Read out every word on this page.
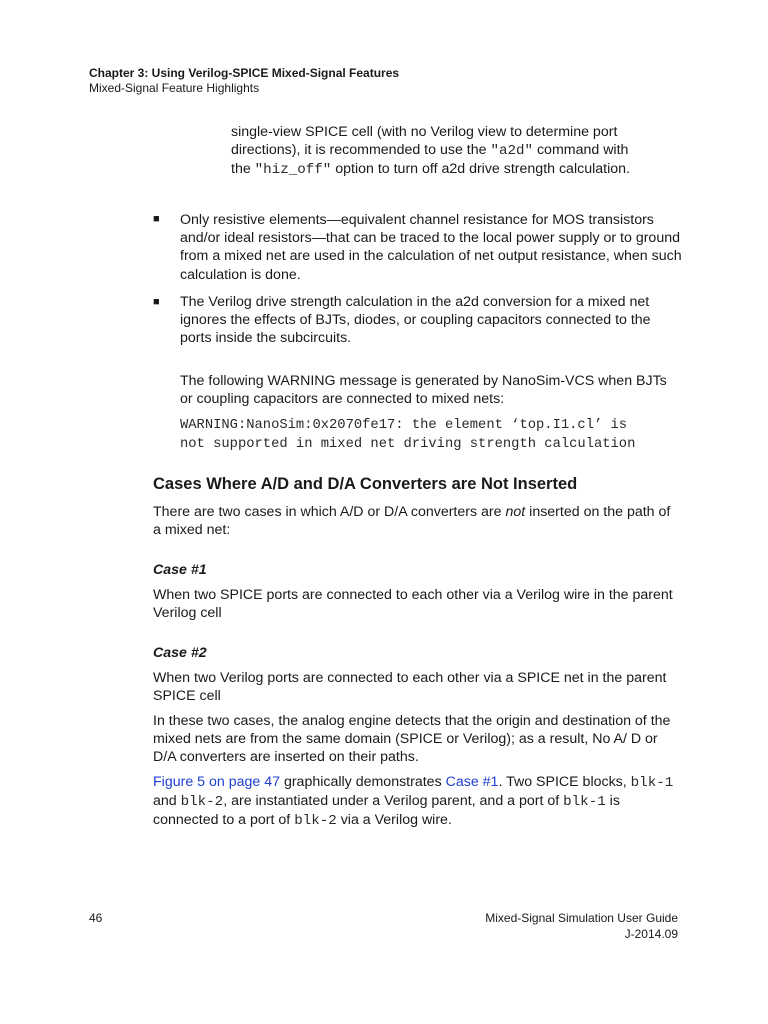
Chapter 3: Using Verilog-SPICE Mixed-Signal Features
Mixed-Signal Feature Highlights

single-view SPICE cell (with no Verilog view to determine port directions), it is recommended to use the "a2d" command with the "hiz_off" option to turn off a2d drive strength calculation.

■ Only resistive elements—equivalent channel resistance for MOS transistors and/or ideal resistors—that can be traced to the local power supply or to ground from a mixed net are used in the calculation of net output resistance, when such calculation is done.

■ The Verilog drive strength calculation in the a2d conversion for a mixed net ignores the effects of BJTs, diodes, or coupling capacitors connected to the ports inside the subcircuits.

The following WARNING message is generated by NanoSim-VCS when BJTs or coupling capacitors are connected to mixed nets:

WARNING:NanoSim:0x2070fe17: the element ‘top.I1.cl’ is
not supported in mixed net driving strength calculation
Cases Where A/D and D/A Converters are Not Inserted

There are two cases in which A/D or D/A converters are not inserted on the path of a mixed net:

Case #1

When two SPICE ports are connected to each other via a Verilog wire in the parent Verilog cell

Case #2

When two Verilog ports are connected to each other via a SPICE net in the parent SPICE cell

In these two cases, the analog engine detects that the origin and destination of the mixed nets are from the same domain (SPICE or Verilog); as a result, No A/ D or D/A converters are inserted on their paths.

Figure 5 on page 47 graphically demonstrates Case #1. Two SPICE blocks, blk-1 and blk-2, are instantiated under a Verilog parent, and a port of blk-1 is connected to a port of blk-2 via a Verilog wire.

46	Mixed-Signal Simulation User Guide
J-2014.09
